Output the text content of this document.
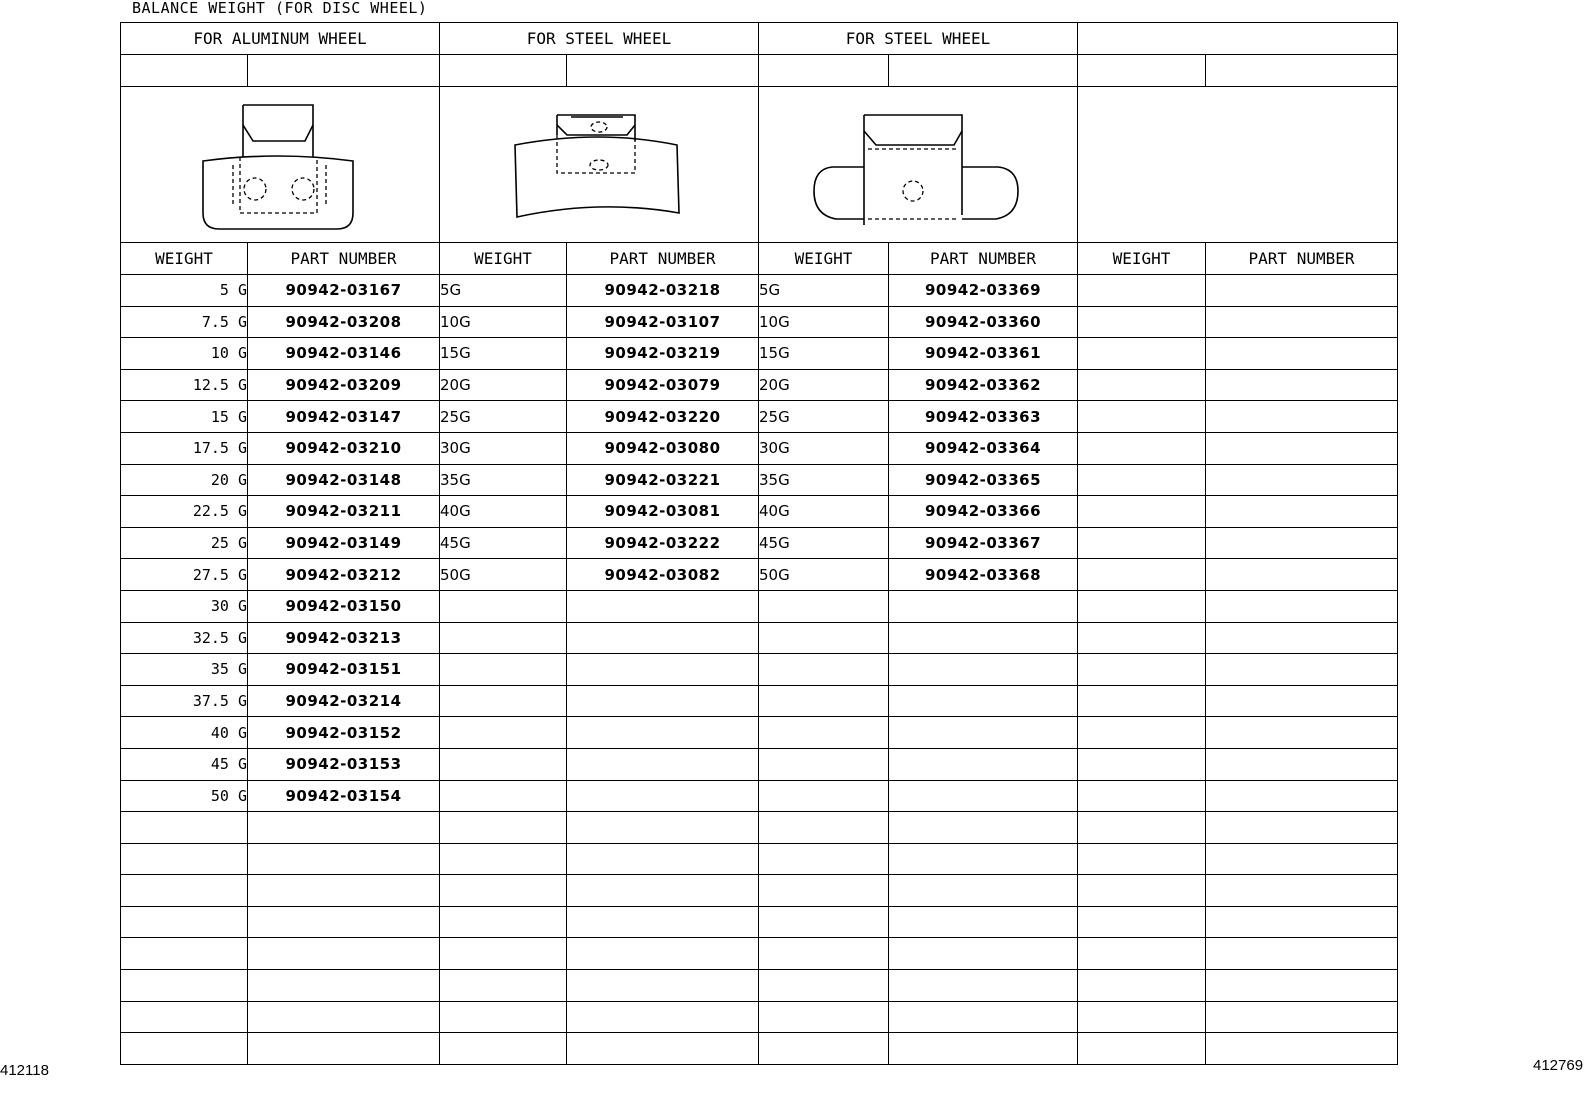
BALANCE WEIGHT (FOR DISC WHEEL)
FOR ALUMINUM WHEEL		FOR STEEL WHEEL		FOR STEEL WHEEL			

WEIGHT	PART NUMBER	WEIGHT	PART NUMBER	WEIGHT	PART NUMBER	WEIGHT	PART NUMBER
5 G	90942-03167	5G	90942-03218	5G	90942-03369		
7.5 G	90942-03208	10G	90942-03107	10G	90942-03360		
10 G	90942-03146	15G	90942-03219	15G	90942-03361		
12.5 G	90942-03209	20G	90942-03079	20G	90942-03362		
15 G	90942-03147	25G	90942-03220	25G	90942-03363		
17.5 G	90942-03210	30G	90942-03080	30G	90942-03364		
20 G	90942-03148	35G	90942-03221	35G	90942-03365		
22.5 G	90942-03211	40G	90942-03081	40G	90942-03366		
25 G	90942-03149	45G	90942-03222	45G	90942-03367		
27.5 G	90942-03212	50G	90942-03082	50G	90942-03368		
30 G	90942-03150						
32.5 G	90942-03213						
35 G	90942-03151						
37.5 G	90942-03214						
40 G	90942-03152						
45 G	90942-03153						
50 G	90942-03154						

412118	412769
